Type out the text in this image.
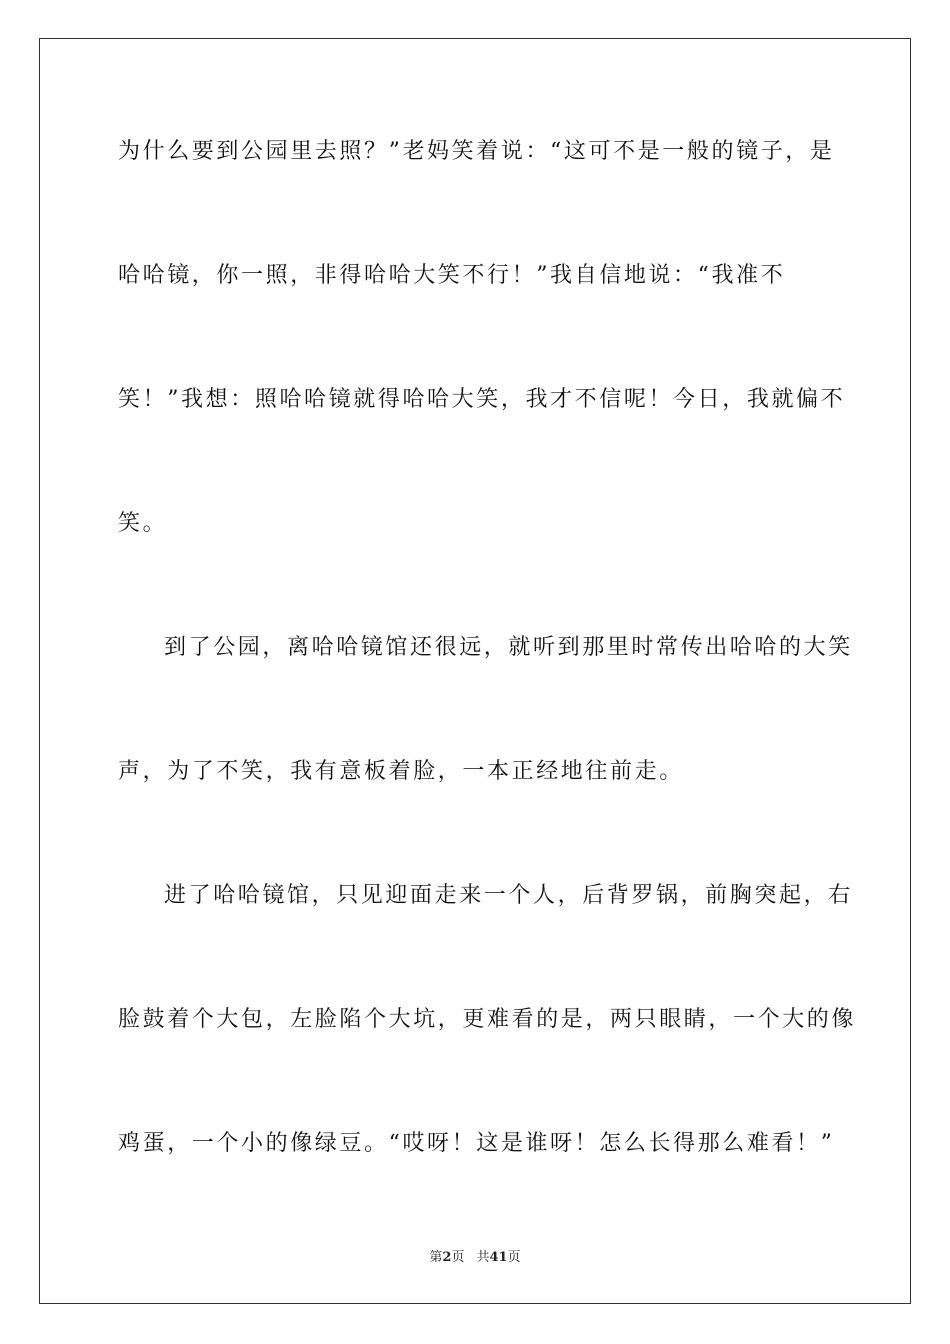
为什么要到公园里去照？”老妈笑着说：“这可不是一般的镜子，是
哈哈镜，你一照，非得哈哈大笑不行！”我自信地说：“我准不
笑！”我想：照哈哈镜就得哈哈大笑，我才不信呢！今日，我就偏不
笑。
到了公园，离哈哈镜馆还很远，就听到那里时常传出哈哈的大笑
声，为了不笑，我有意板着脸，一本正经地往前走。
进了哈哈镜馆，只见迎面走来一个人，后背罗锅，前胸突起，右
脸鼓着个大包，左脸陷个大坑，更难看的是，两只眼睛，一个大的像
鸡蛋，一个小的像绿豆。“哎呀！这是谁呀！怎么长得那么难看！”
第2页 共41页
